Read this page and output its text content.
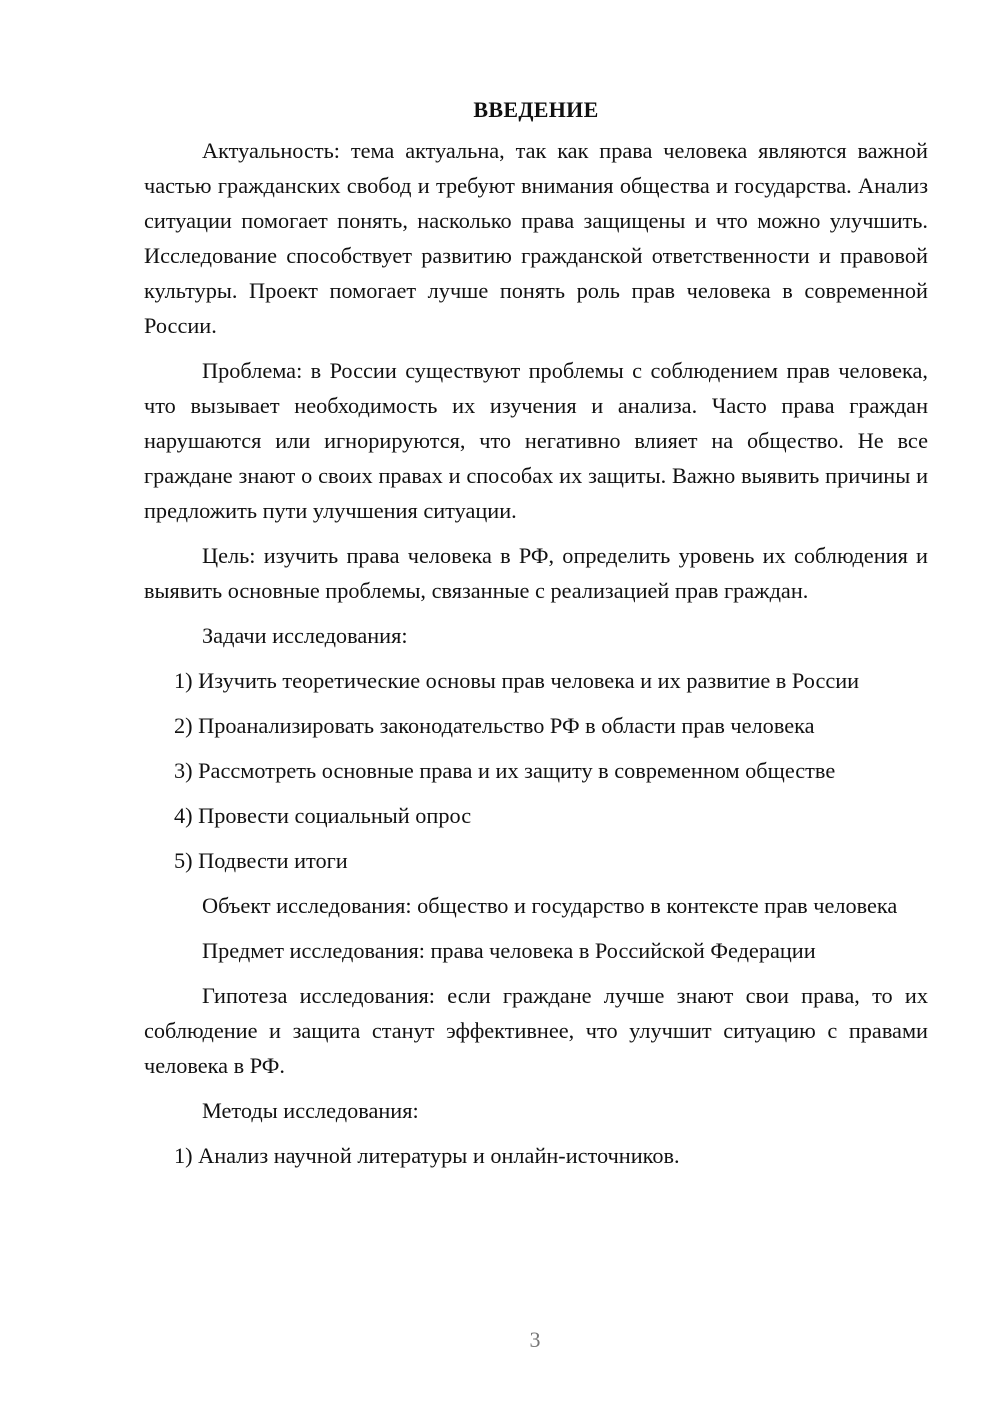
ВВЕДЕНИЕ

Актуальность: тема актуальна, так как права человека являются важной частью гражданских свобод и требуют внимания общества и государства. Анализ ситуации помогает понять, насколько права защищены и что можно улучшить. Исследование способствует развитию гражданской ответственности и правовой культуры. Проект помогает лучше понять роль прав человека в современной России.

Проблема: в России существуют проблемы с соблюдением прав человека, что вызывает необходимость их изучения и анализа. Часто права граждан нарушаются или игнорируются, что негативно влияет на общество. Не все граждане знают о своих правах и способах их защиты. Важно выявить причины и предложить пути улучшения ситуации.

Цель: изучить права человека в РФ, определить уровень их соблюдения и выявить основные проблемы, связанные с реализацией прав граждан.

Задачи исследования:

1) Изучить теоретические основы прав человека и их развитие в России

2) Проанализировать законодательство РФ в области прав человека

3) Рассмотреть основные права и их защиту в современном обществе

4) Провести социальный опрос

5) Подвести итоги

Объект исследования: общество и государство в контексте прав человека

Предмет исследования: права человека в Российской Федерации

Гипотеза исследования: если граждане лучше знают свои права, то их соблюдение и защита станут эффективнее, что улучшит ситуацию с правами человека в РФ.

Методы исследования:

1) Анализ научной литературы и онлайн-источников.

3
